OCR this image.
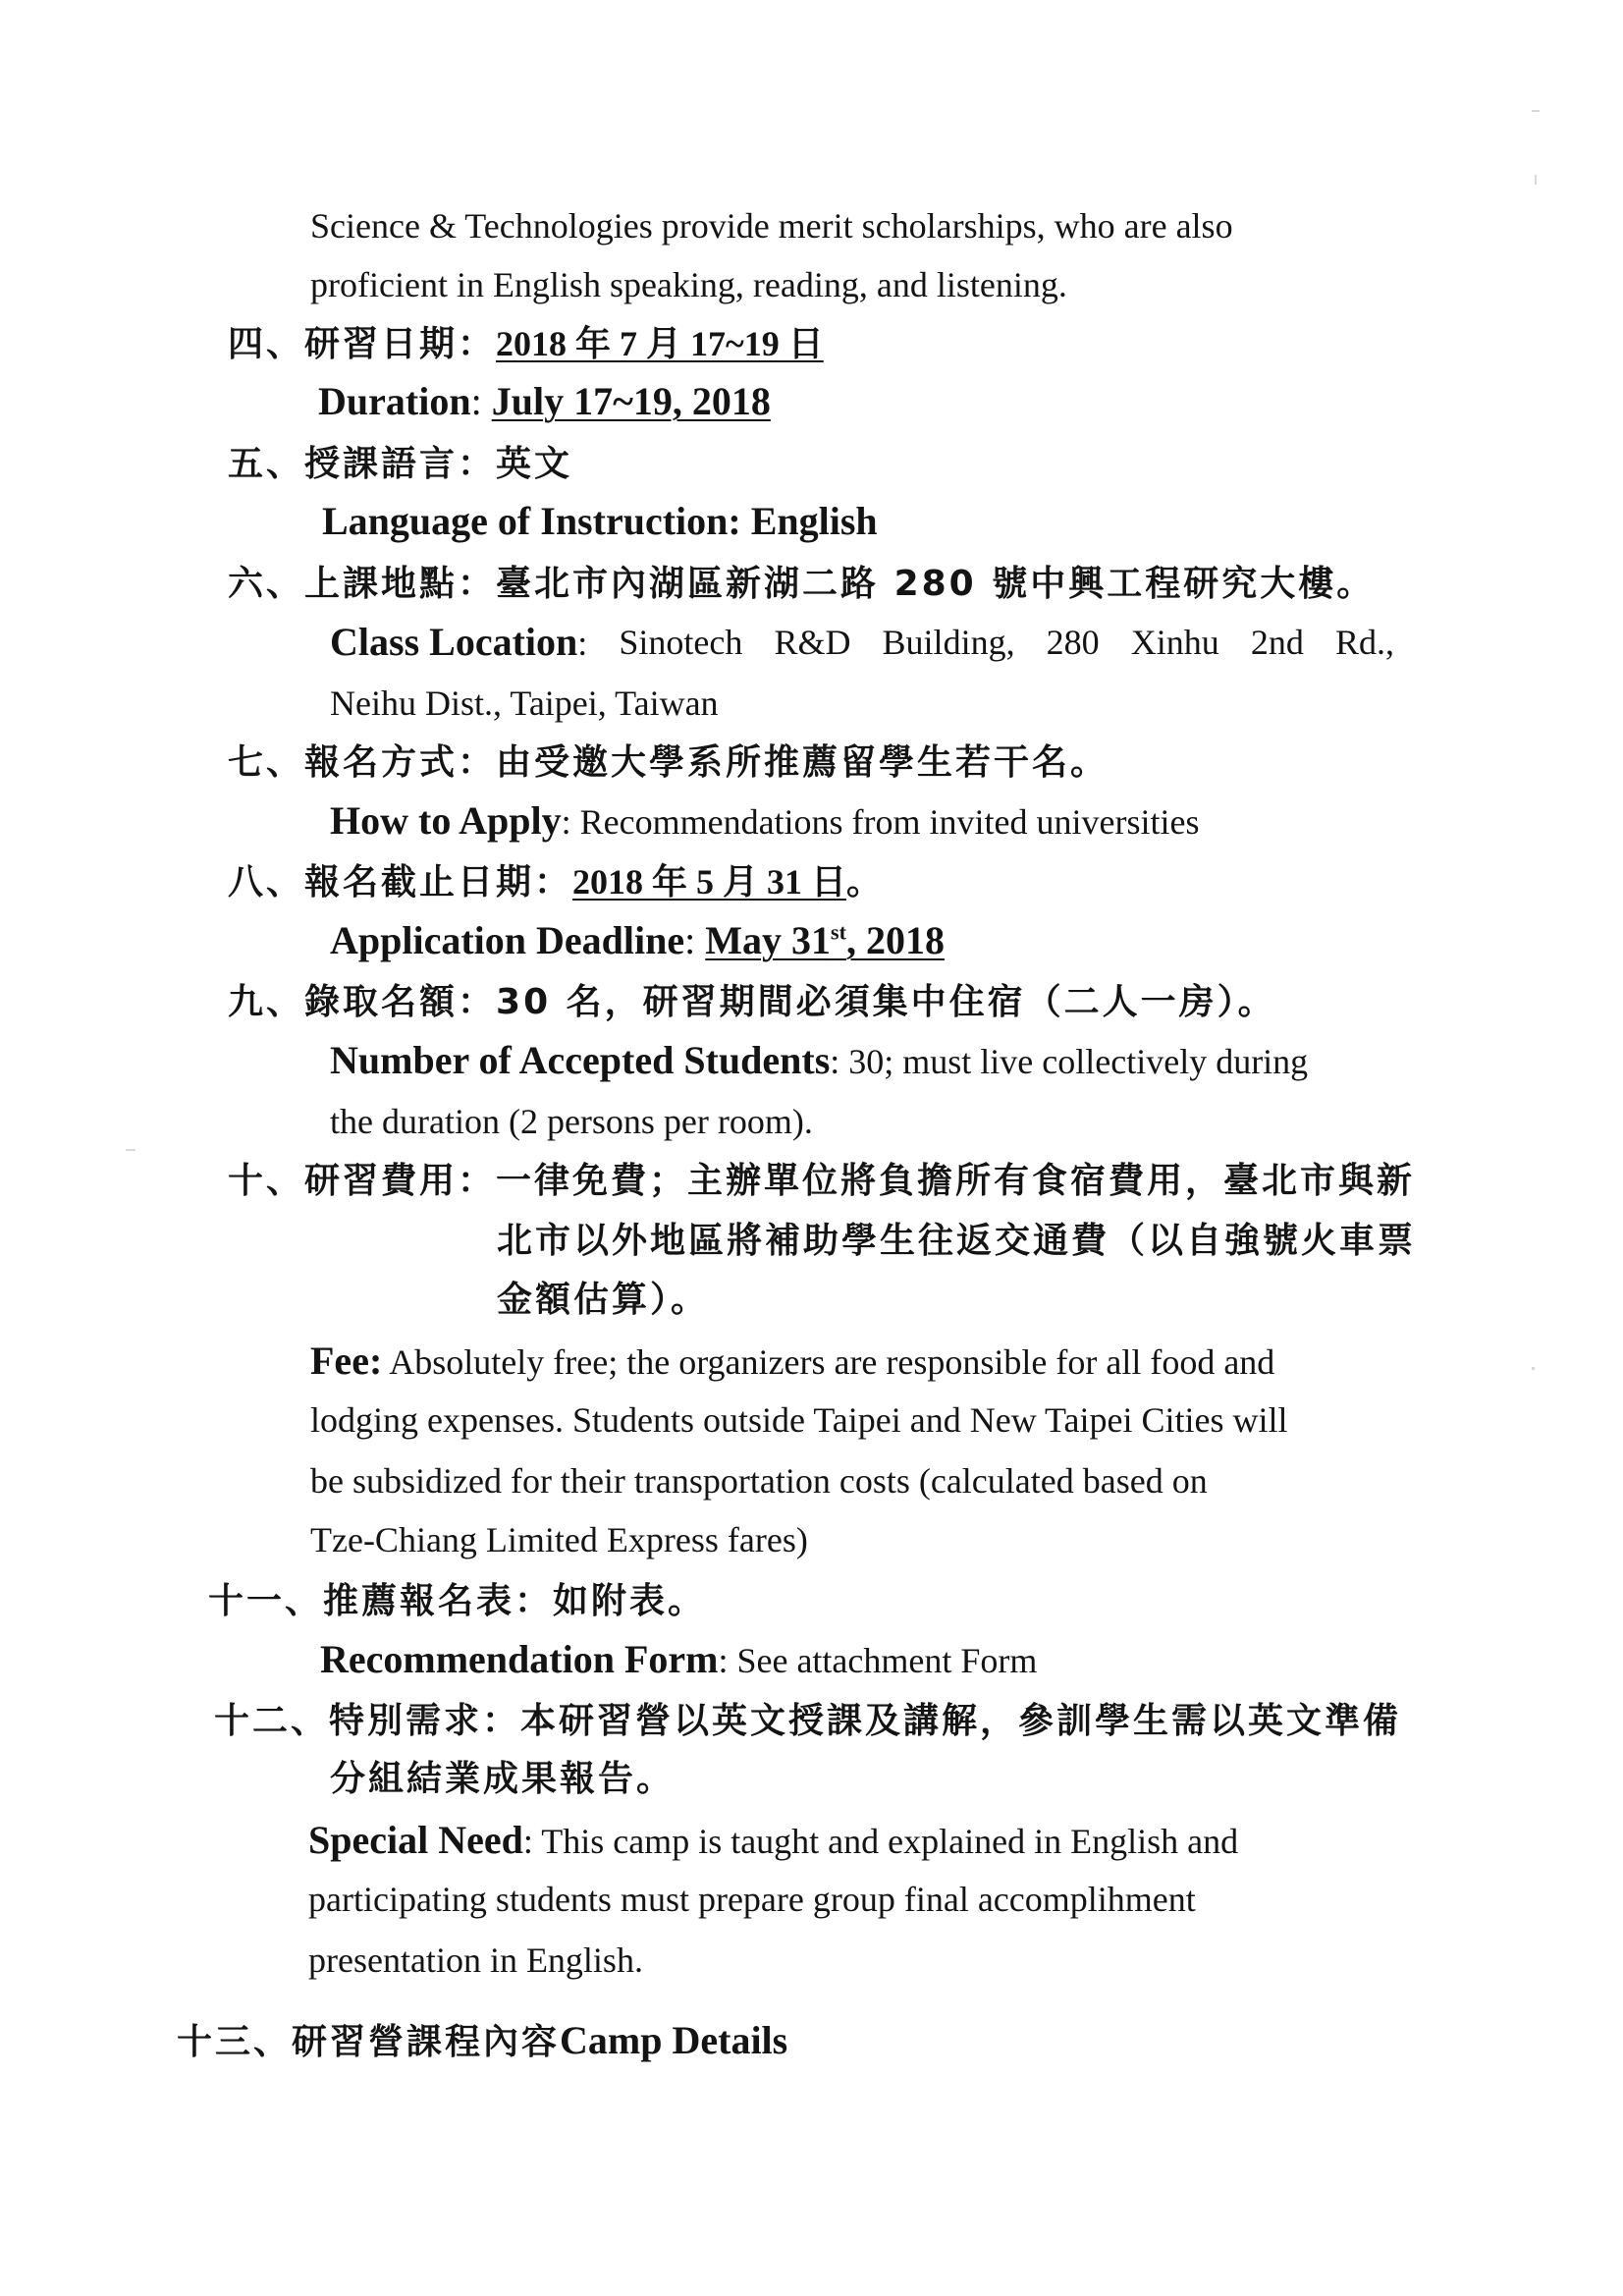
Science & Technologies provide merit scholarships, who are also
proficient in English speaking, reading, and listening.
四、研習日期：2018 年 7 月 17~19 日
Duration: July 17~19, 2018
五、授課語言：英文
Language of Instruction: English
六、上課地點：臺北市內湖區新湖二路 280 號中興工程研究大樓。
Class Location: Sinotech R&D Building, 280 Xinhu 2nd Rd.,
Neihu Dist., Taipei, Taiwan
七、報名方式：由受邀大學系所推薦留學生若干名。
How to Apply: Recommendations from invited universities
八、報名截止日期：2018 年 5 月 31 日。
Application Deadline: May 31st, 2018
九、錄取名額：30 名，研習期間必須集中住宿（二人一房）。
Number of Accepted Students: 30; must live collectively during
the duration (2 persons per room).
十、研習費用：一律免費；主辦單位將負擔所有食宿費用，臺北市與新
北市以外地區將補助學生往返交通費（以自強號火車票
金額估算）。
Fee: Absolutely free; the organizers are responsible for all food and
lodging expenses. Students outside Taipei and New Taipei Cities will
be subsidized for their transportation costs (calculated based on
Tze-Chiang Limited Express fares)
十一、推薦報名表：如附表。
Recommendation Form: See attachment Form
十二、特別需求：本研習營以英文授課及講解，參訓學生需以英文準備
分組結業成果報告。
Special Need: This camp is taught and explained in English and
participating students must prepare group final accomplihment
presentation in English.
十三、研習營課程內容Camp Details
